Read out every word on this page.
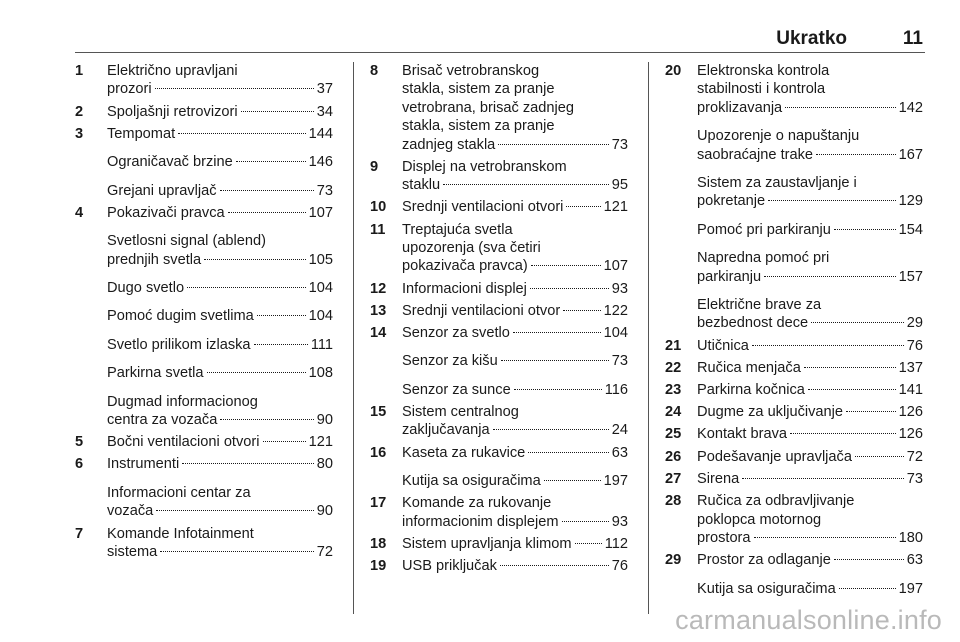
Ukratko	11
1 Električno upravljani
prozori	37
2 Spoljašnji retrovizori	34
3 Tempomat	144
Ograničavač brzine	146
Grejani upravljač	73
4 Pokazivači pravca	107
Svetlosni signal (ablend)
prednjih svetla	105
Dugo svetlo	104
Pomoć dugim svetlima	104
Svetlo prilikom izlaska	111
Parkirna svetla	108
Dugmad informacionog
centra za vozača	90
5 Bočni ventilacioni otvori	121
6 Instrumenti	80
Informacioni centar za
vozača	90
7 Komande Infotainment
sistema	72
8 Brisač vetrobranskog
stakla, sistem za pranje
vetrobrana, brisač zadnjeg
stakla, sistem za pranje
zadnjeg stakla	73
9 Displej na vetrobranskom
staklu	95
10 Srednji ventilacioni otvori	121
11 Treptajuća svetla
upozorenja (sva četiri
pokazivača pravca)	107
12 Informacioni displej	93
13 Srednji ventilacioni otvor	122
14 Senzor za svetlo	104
Senzor za kišu	73
Senzor za sunce	116
15 Sistem centralnog
zaključavanja	24
16 Kaseta za rukavice	63
Kutija sa osiguračima	197
17 Komande za rukovanje
informacionim displejem	93
18 Sistem upravljanja klimom 112
19 USB priključak	76
20 Elektronska kontrola
stabilnosti i kontrola
proklizavanja	142
Upozorenje o napuštanju
saobraćajne trake	167
Sistem za zaustavljanje i
pokretanje	129
Pomoć pri parkiranju	154
Napredna pomoć pri
parkiranju	157
Električne brave za
bezbednost dece	29
21 Utičnica	76
22 Ručica menjača	137
23 Parkirna kočnica	141
24 Dugme za uključivanje	126
25 Kontakt brava	126
26 Podešavanje upravljača	72
27 Sirena	73
28 Ručica za odbravljivanje
poklopca motornog
prostora	180
29 Prostor za odlaganje	63
Kutija sa osiguračima	197
carmanualsonline.info
